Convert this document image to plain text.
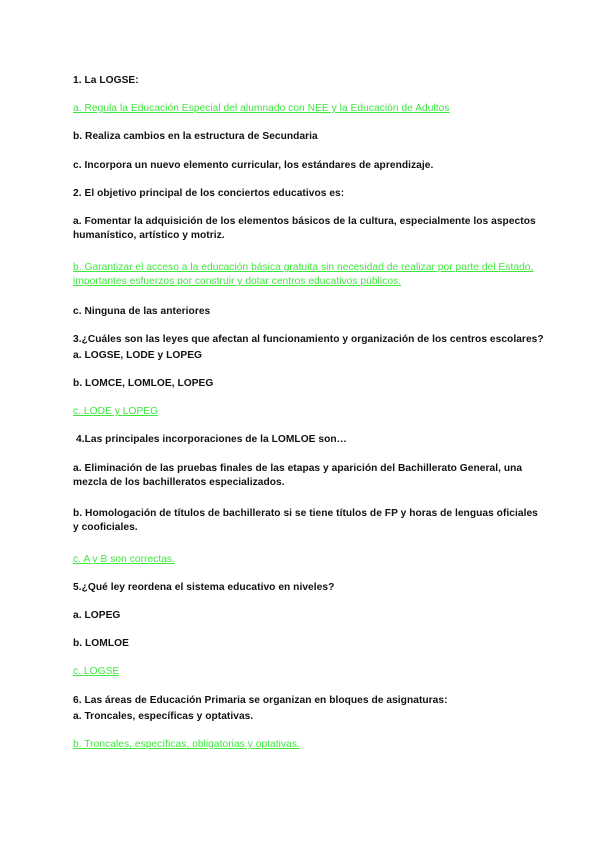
1. La LOGSE:
a. Regula la Educación Especial del alumnado con NEE y la Educación de Adultos
b. Realiza cambios en la estructura de Secundaria
c. Incorpora un nuevo elemento curricular, los estándares de aprendizaje.
2. El objetivo principal de los conciertos educativos es:
a. Fomentar la adquisición de los elementos básicos de la cultura, especialmente los aspectos humanístico, artístico y motriz.
b. Garantizar el acceso a la educación básica gratuita sin necesidad de realizar por parte del Estado, importantes esfuerzos por construir y dotar centros educativos públicos.
c. Ninguna de las anteriores
3.¿Cuáles son las leyes que afectan al funcionamiento y organización de los centros escolares?
a. LOGSE, LODE y LOPEG
b. LOMCE, LOMLOE, LOPEG
c. LODE y LOPEG
4.Las principales incorporaciones de la LOMLOE son…
a. Eliminación de las pruebas finales de las etapas y aparición del Bachillerato General, una mezcla de los bachilleratos especializados.
b. Homologación de títulos de bachillerato si se tiene títulos de FP y horas de lenguas oficiales y cooficiales.
c. A y B son correctas.
5.¿Qué ley reordena el sistema educativo en niveles?
a. LOPEG
b. LOMLOE
c. LOGSE
6. Las áreas de Educación Primaria se organizan en bloques de asignaturas:
a. Troncales, específicas y optativas.
b. Troncales, específicas, obligatorias y optativas.
